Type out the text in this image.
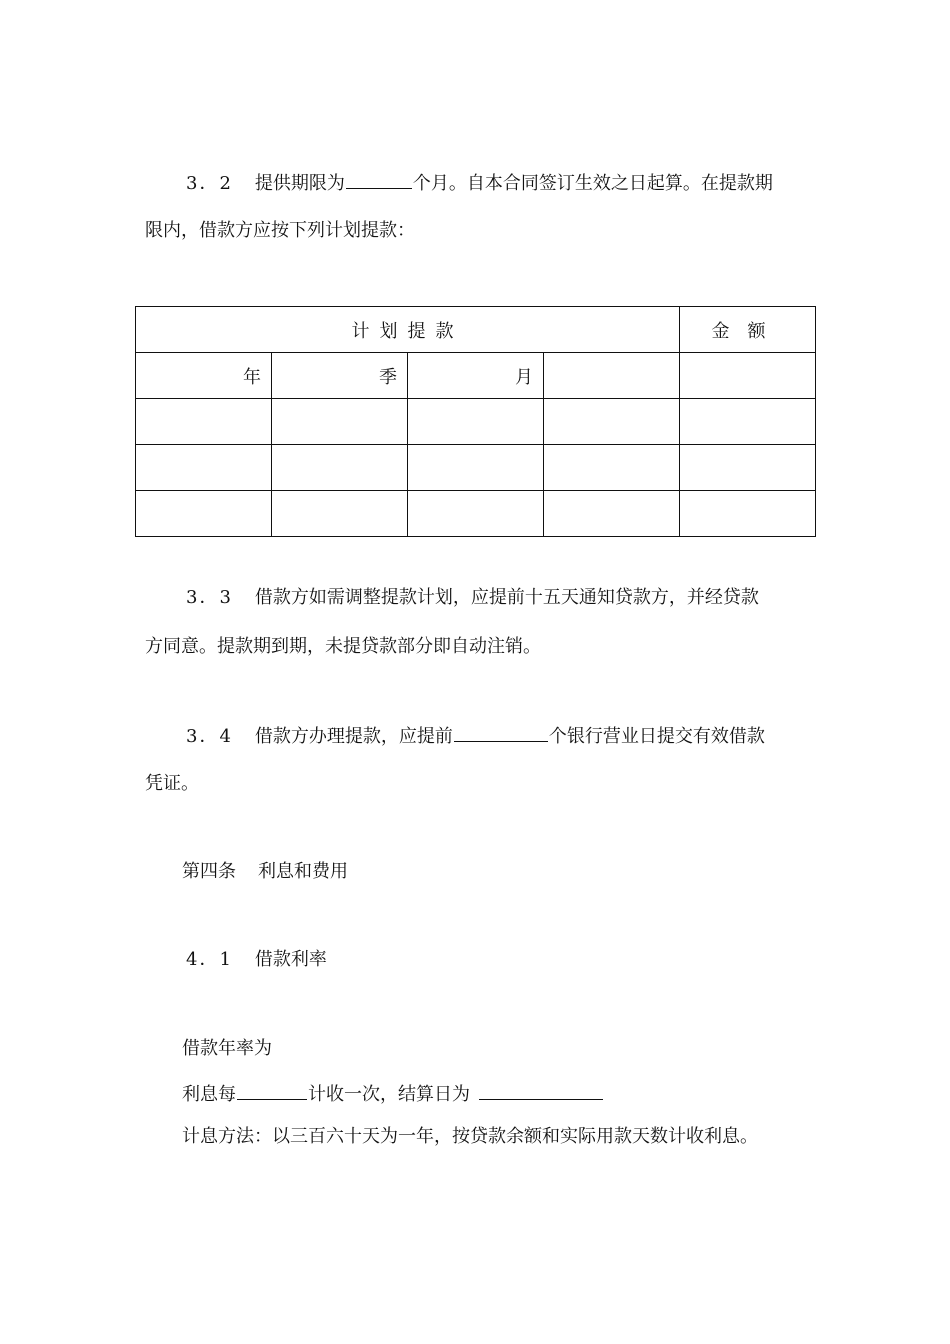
3．2 提供期限为	个月。自本合同签订生效之日起算。在提款期
限内，借款方应按下列计划提款：
计划提款				金额
年	季	月		

3．3 借款方如需调整提款计划，应提前十五天通知贷款方，并经贷款
方同意。提款期到期，未提贷款部分即自动注销。
3．4 借款方办理提款，应提前	个银行营业日提交有效借款
凭证。
第四条 利息和费用
4．1 借款利率
借款年率为
利息每	计收一次，结算日为
计息方法：以三百六十天为一年，按贷款余额和实际用款天数计收利息。
